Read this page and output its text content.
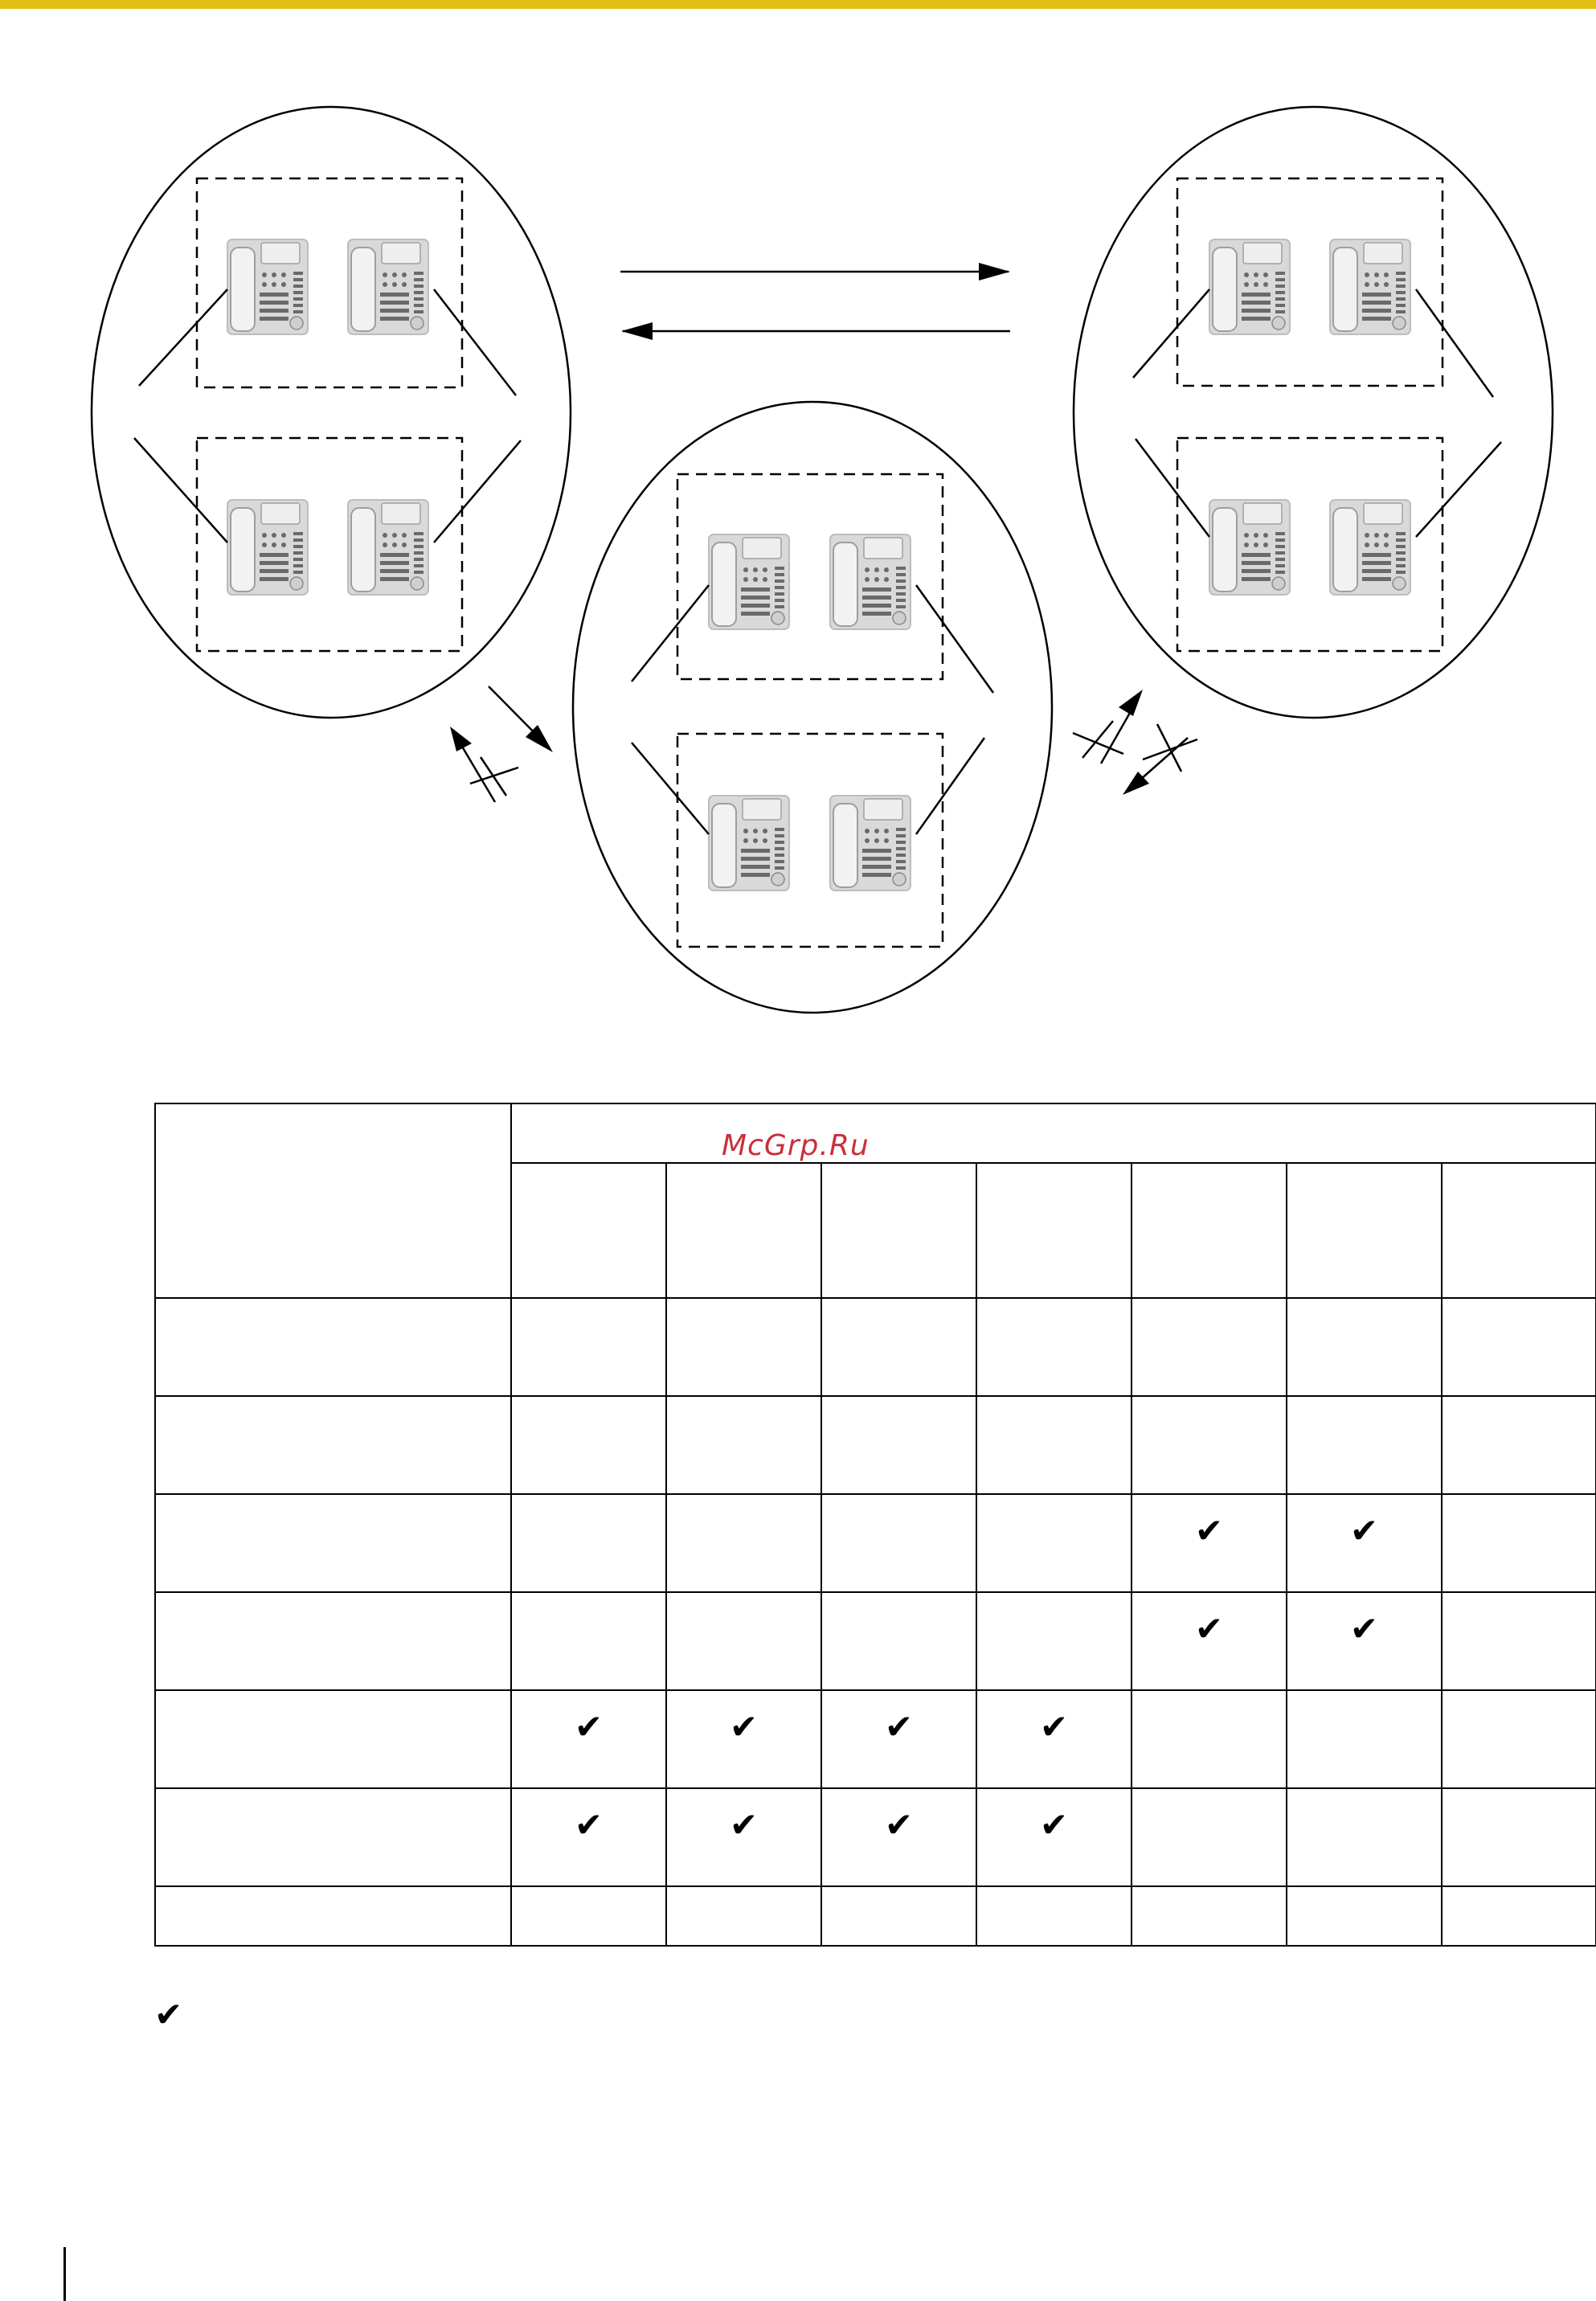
McGrp.Ru

					✔	✔	
					✔	✔	
	✔	✔	✔	✔			
	✔	✔	✔	✔			

✔
